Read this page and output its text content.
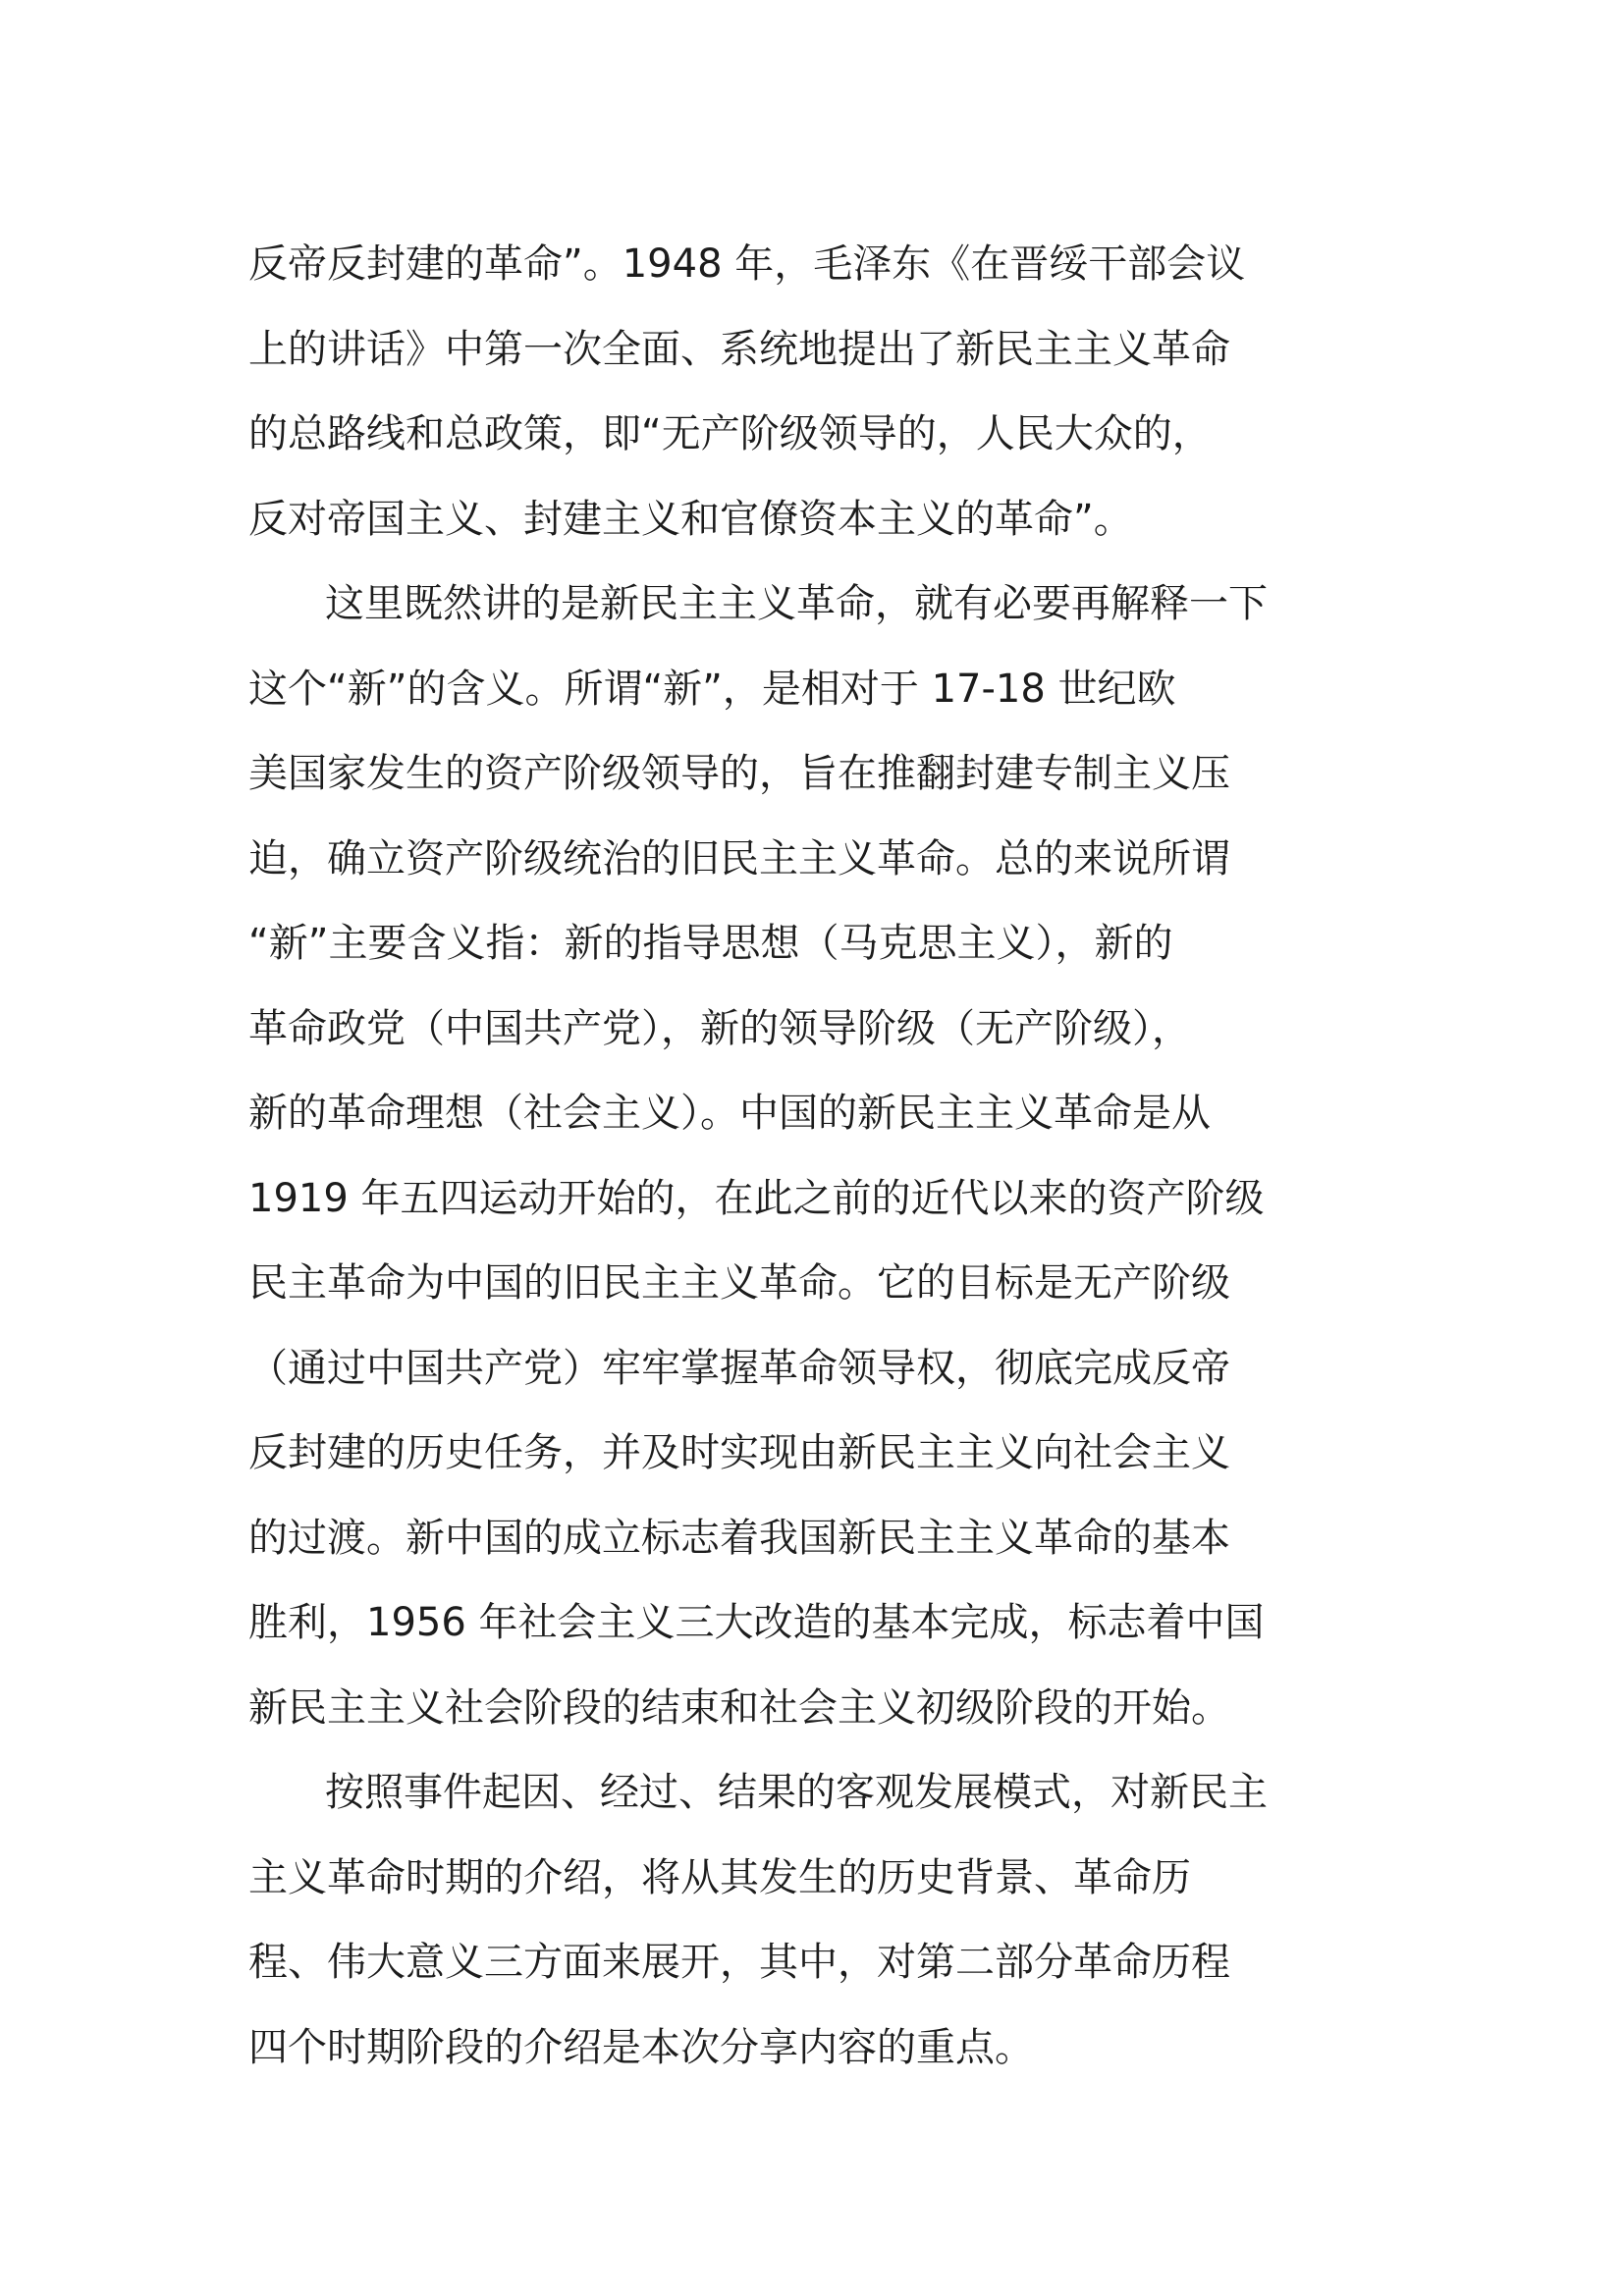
反帝反封建的革命”。1948 年，毛泽东《在晋绥干部会议
上的讲话》中第一次全面、系统地提出了新民主主义革命
的总路线和总政策，即“无产阶级领导的，人民大众的，
反对帝国主义、封建主义和官僚资本主义的革命”。
这里既然讲的是新民主主义革命，就有必要再解释一下
这个“新”的含义。所谓“新”，是相对于 17-18 世纪欧
美国家发生的资产阶级领导的，旨在推翻封建专制主义压
迫，确立资产阶级统治的旧民主主义革命。总的来说所谓
“新”主要含义指：新的指导思想（马克思主义），新的
革命政党（中国共产党），新的领导阶级（无产阶级），
新的革命理想（社会主义）。中国的新民主主义革命是从
1919 年五四运动开始的，在此之前的近代以来的资产阶级
民主革命为中国的旧民主主义革命。它的目标是无产阶级
（通过中国共产党）牢牢掌握革命领导权，彻底完成反帝
反封建的历史任务，并及时实现由新民主主义向社会主义
的过渡。新中国的成立标志着我国新民主主义革命的基本
胜利，1956 年社会主义三大改造的基本完成，标志着中国
新民主主义社会阶段的结束和社会主义初级阶段的开始。
按照事件起因、经过、结果的客观发展模式，对新民主
主义革命时期的介绍，将从其发生的历史背景、革命历
程、伟大意义三方面来展开，其中，对第二部分革命历程
四个时期阶段的介绍是本次分享内容的重点。
